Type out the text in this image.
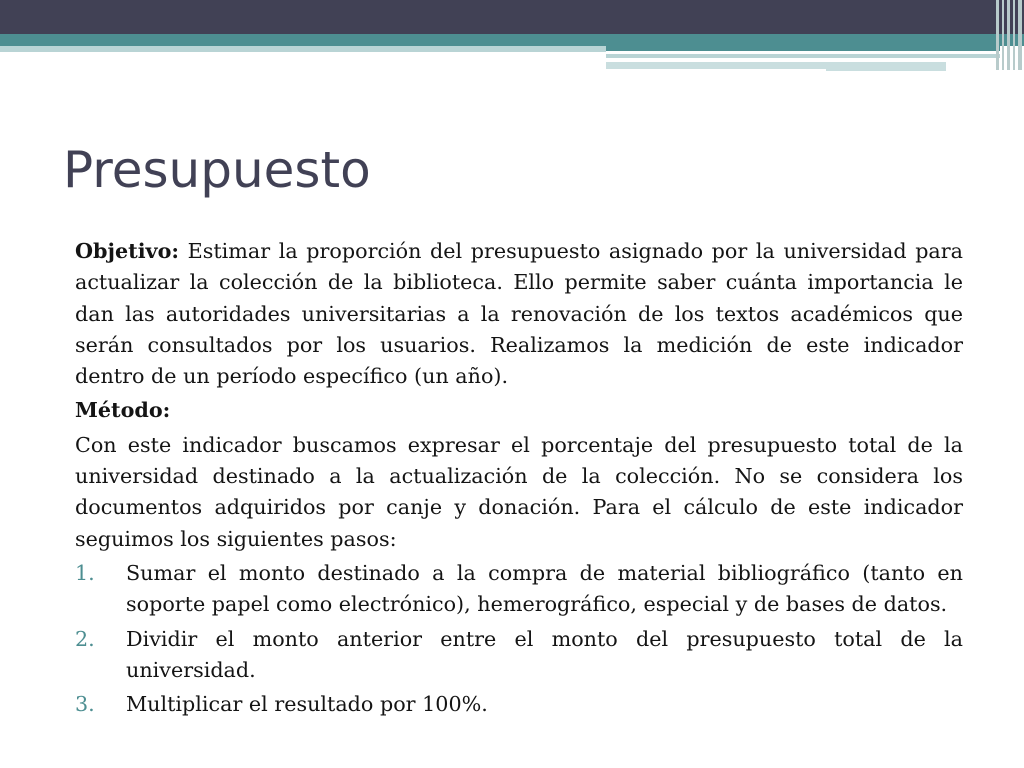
Presupuesto

Objetivo: Estimar la proporción del presupuesto asignado por la universidad para actualizar la colección de la biblioteca. Ello permite saber cuánta importancia le dan las autoridades universitarias a la renovación de los textos académicos que serán consultados por los usuarios. Realizamos la medición de este indicador dentro de un período específico (un año).

Método:

Con este indicador buscamos expresar el porcentaje del presupuesto total de la universidad destinado a la actualización de la colección. No se considera los documentos adquiridos por canje y donación. Para el cálculo de este indicador seguimos los siguientes pasos:

1. Sumar el monto destinado a la compra de material bibliográfico (tanto en soporte papel como electrónico), hemerográfico, especial y de bases de datos.
2. Dividir el monto anterior entre el monto del presupuesto total de la universidad.
3. Multiplicar el resultado por 100%.
